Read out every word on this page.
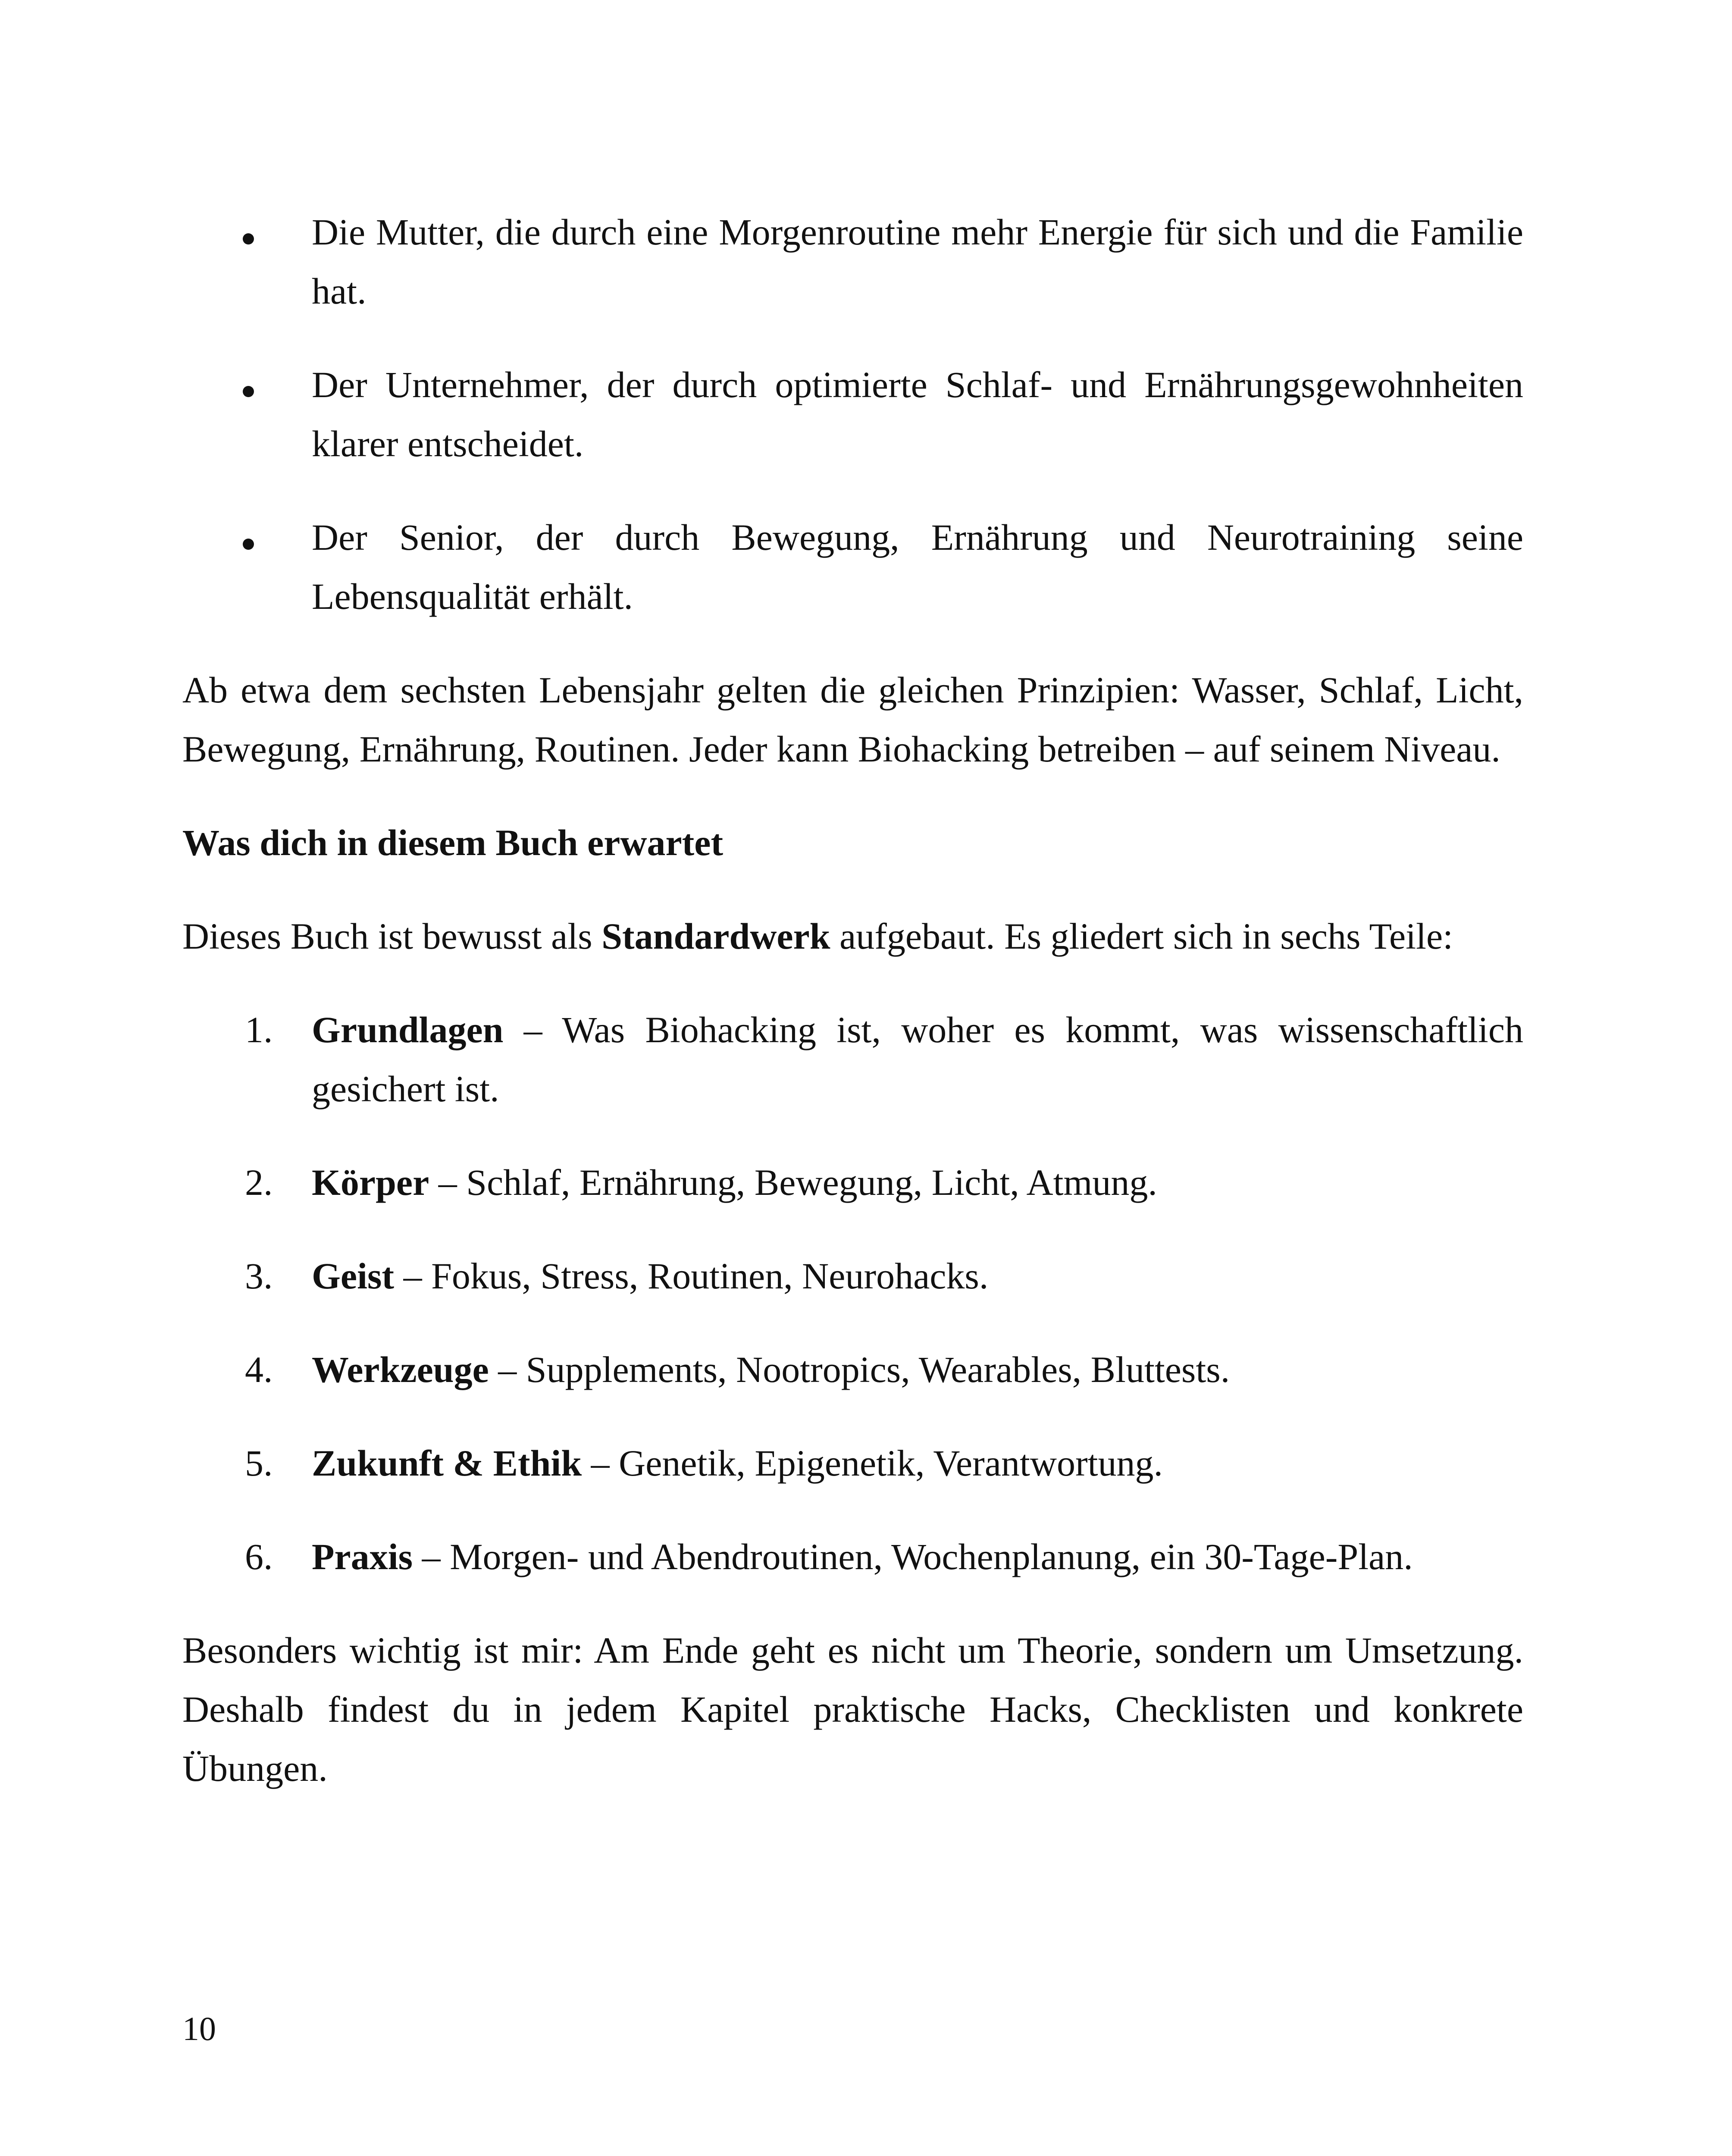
Die Mutter, die durch eine Morgenroutine mehr Energie für sich und die Familie hat.
Der Unternehmer, der durch optimierte Schlaf- und Ernährungsgewohnheiten klarer entscheidet.
Der Senior, der durch Bewegung, Ernährung und Neurotraining seine Lebensqualität erhält.

Ab etwa dem sechsten Lebensjahr gelten die gleichen Prinzipien: Wasser, Schlaf, Licht, Bewegung, Ernährung, Routinen. Jeder kann Biohacking betreiben – auf seinem Niveau.

Was dich in diesem Buch erwartet

Dieses Buch ist bewusst als Standardwerk aufgebaut. Es gliedert sich in sechs Teile:

1.	Grundlagen – Was Biohacking ist, woher es kommt, was wissenschaftlich gesichert ist.
2.	Körper – Schlaf, Ernährung, Bewegung, Licht, Atmung.
3.	Geist – Fokus, Stress, Routinen, Neurohacks.
4.	Werkzeuge – Supplements, Nootropics, Wearables, Bluttests.
5.	Zukunft & Ethik – Genetik, Epigenetik, Verantwortung.
6.	Praxis – Morgen- und Abendroutinen, Wochenplanung, ein 30-Tage-Plan.

Besonders wichtig ist mir: Am Ende geht es nicht um Theorie, sondern um Umsetzung. Deshalb findest du in jedem Kapitel praktische Hacks, Checklisten und konkrete Übungen.

10
